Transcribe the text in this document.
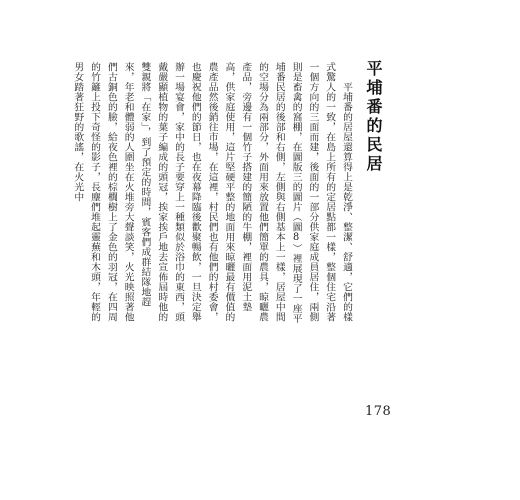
平埔番的民居

平埔番的居屋還算得上是乾淨、整潔、舒適，它們的樣式驚人的一致，在島上所有的定居點都一樣，整個住宅沿著一個方向的三面而建，後面的一部分供家庭成員居住，兩側則是畜禽的窩棚，在圖版三的圖片（圖8）裡展現了一座平埔番民居的後部和右側，左側與右側基本上一樣，居屋中間的空場分為兩部分，外面用來放置他們簡單的農具，晾曬農產品，旁邊有一個竹子搭建的簡陋的牛棚，裡面用泥土墊高，供家庭使用，這片堅硬平整的地面用來晾曬最有價值的農產品然後銷往市場，在這裡，村民們也有他們的村委會，也慶祝他們的節日，也在夜幕降臨後歡聚暢飲，一旦決定舉辦一場宴會，家中的長子要穿上一種類似於浴巾的東西，頭戴嚴顯植物的葉子編成的頭冠，挨家挨戶地去宣佈屆時他的雙親將「在家」，到了預定的時間，賓客們成群結隊地趕來，年老和體弱的人圍坐在火堆旁大聲談笑，火光映照著他們古銅色的臉，給夜色裡的棕櫚樹上了金色的羽冠，在四周的竹籬上投下奇怪的影子，長麈們堆起靈蕪和木頭，年輕的男女踏著狂野的歌謠，在火光中

178
